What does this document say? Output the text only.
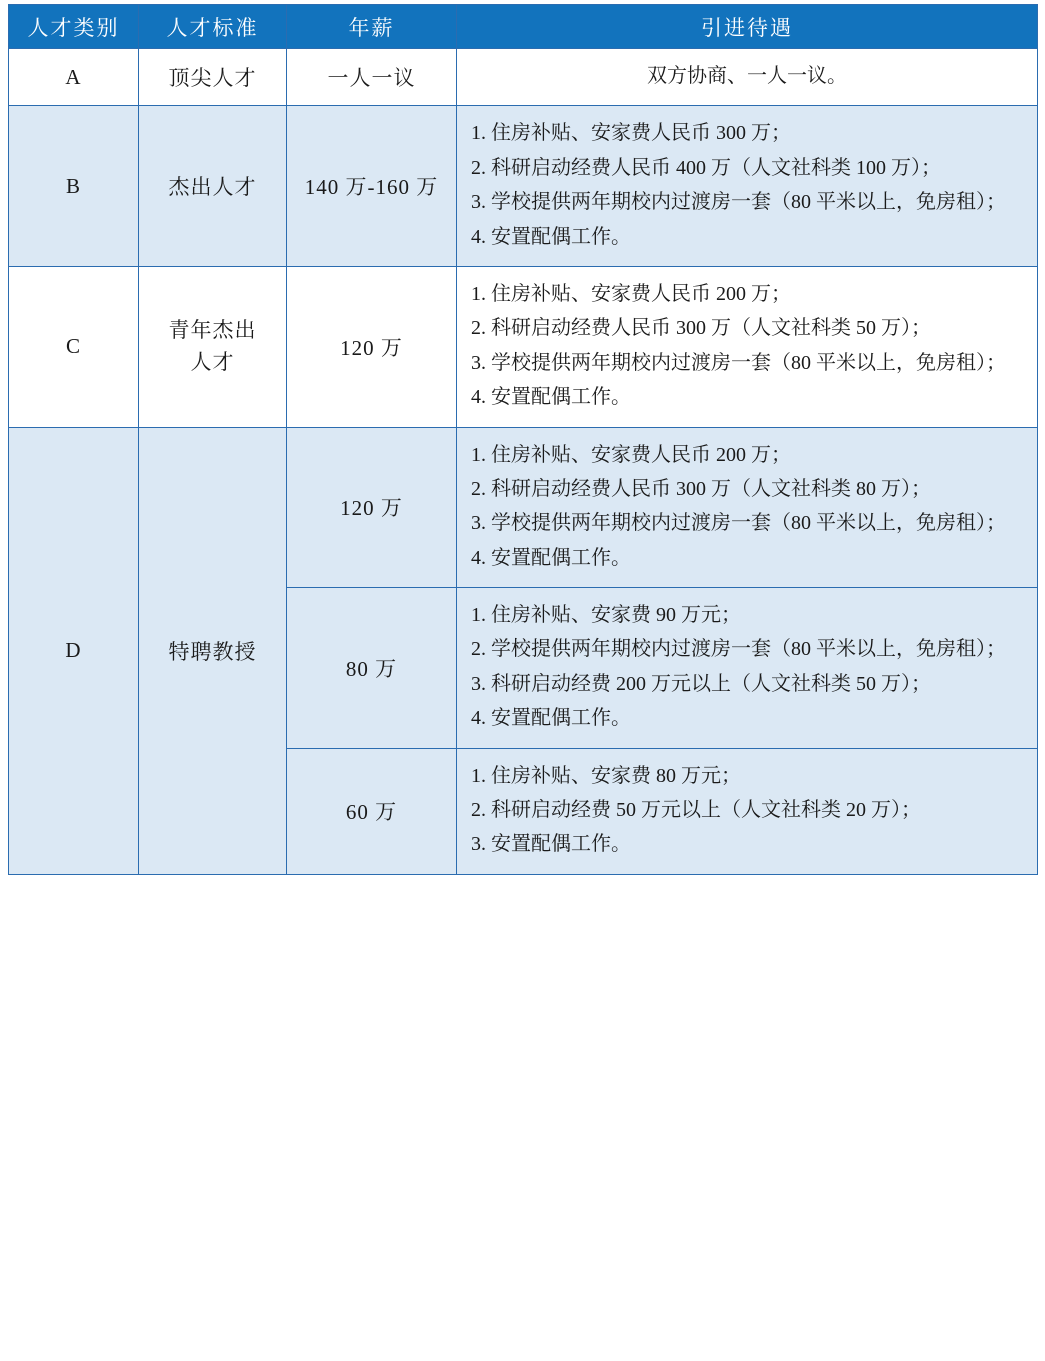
人才类别	人才标准	年薪	引进待遇
A	顶尖人才	一人一议	双方协商、一人一议。

B	杰出人才	140 万-160 万	1. 住房补贴、安家费人民币 300 万；
2. 科研启动经费人民币 400 万（人文社科类 100 万）；
3. 学校提供两年期校内过渡房一套（80 平米以上，免房租）；
4. 安置配偶工作。

C	青年杰出人才	120 万	1. 住房补贴、安家费人民币 200 万；
2. 科研启动经费人民币 300 万（人文社科类 50 万）；
3. 学校提供两年期校内过渡房一套（80 平米以上，免房租）；
4. 安置配偶工作。

D	特聘教授	120 万	1. 住房补贴、安家费人民币 200 万；
2. 科研启动经费人民币 300 万（人文社科类 80 万）；
3. 学校提供两年期校内过渡房一套（80 平米以上，免房租）；
4. 安置配偶工作。

		80 万	1. 住房补贴、安家费 90 万元；
2. 学校提供两年期校内过渡房一套（80 平米以上，免房租）；
3. 科研启动经费 200 万元以上（人文社科类 50 万）；
4. 安置配偶工作。

		60 万	1. 住房补贴、安家费 80 万元；
2. 科研启动经费 50 万元以上（人文社科类 20 万）；
3. 安置配偶工作。
